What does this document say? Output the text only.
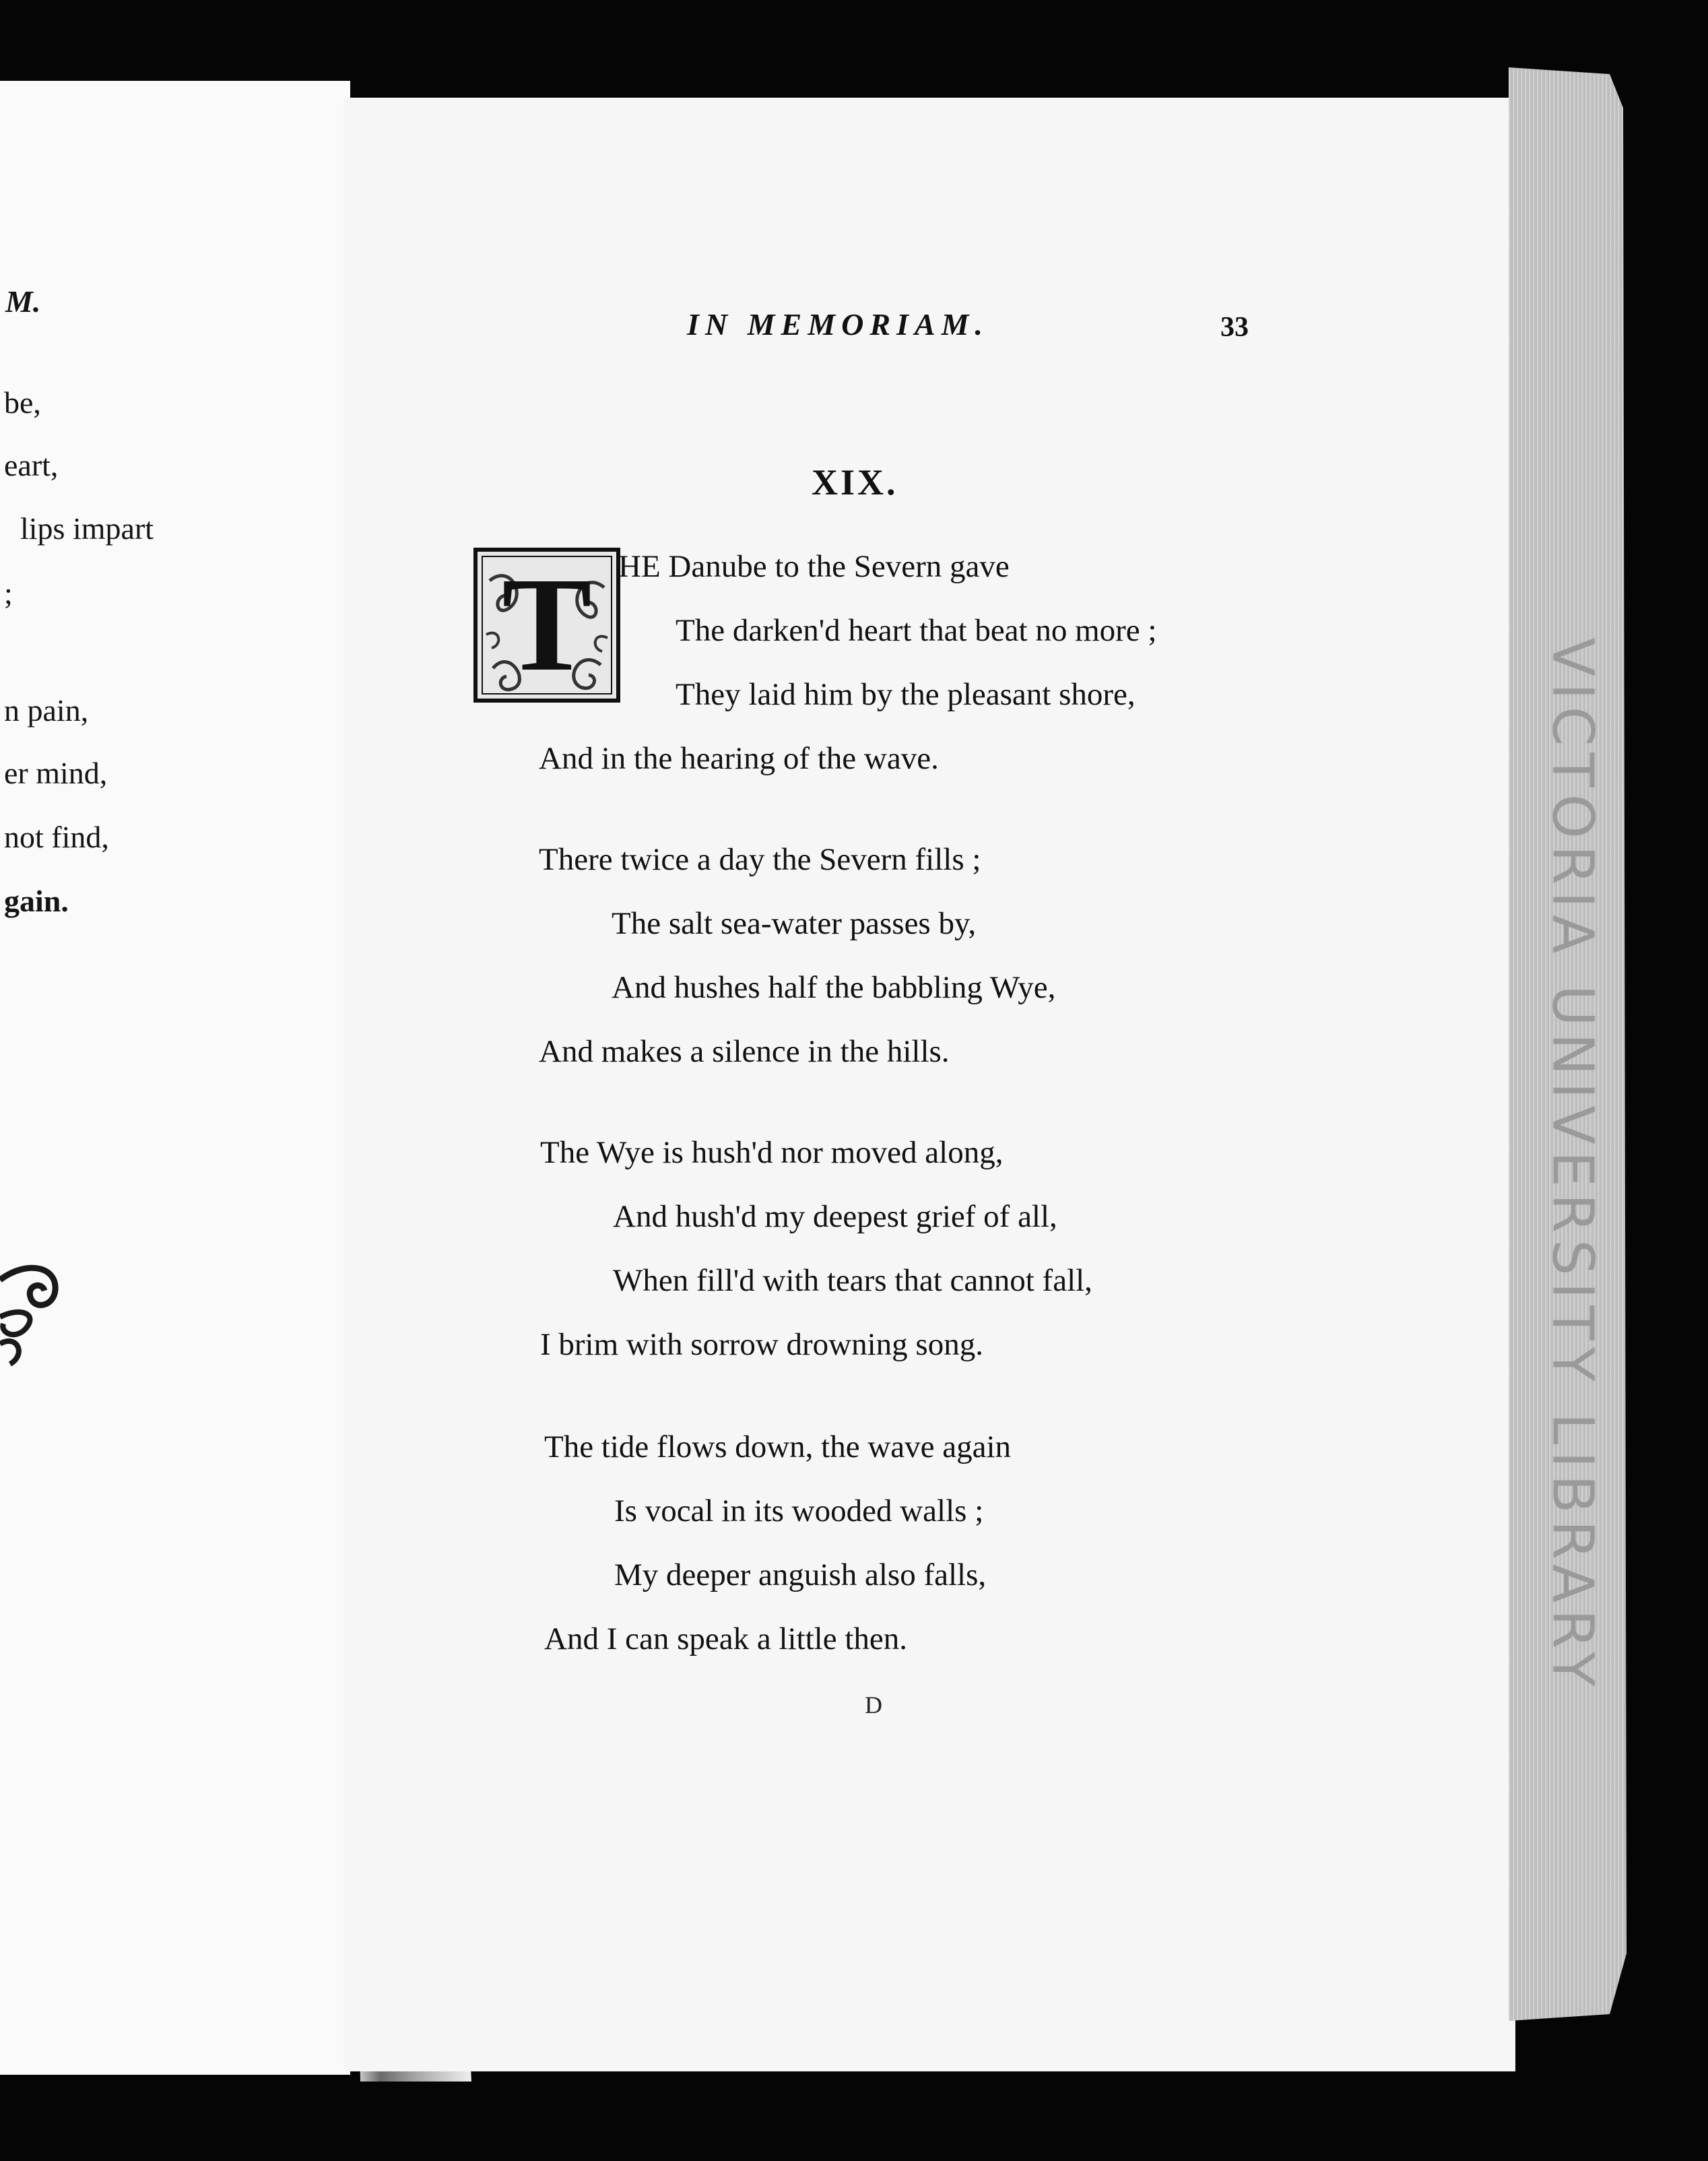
M.
be,
eart,
lips impart
;
n pain,
er mind,
not find,
gain.	VICTORIA UNIVERSITY LIBRARY
IN MEMORIAM.	33
XIX.
T HE Danube to the Severn gave
The darken'd heart that beat no more ;
They laid him by the pleasant shore,
And in the hearing of the wave.
There twice a day the Severn fills ;
The salt sea-water passes by,
And hushes half the babbling Wye,
And makes a silence in the hills.
The Wye is hush'd nor moved along,
And hush'd my deepest grief of all,
When fill'd with tears that cannot fall,
I brim with sorrow drowning song.
The tide flows down, the wave again
Is vocal in its wooded walls ;
My deeper anguish also falls,
And I can speak a little then.
D
